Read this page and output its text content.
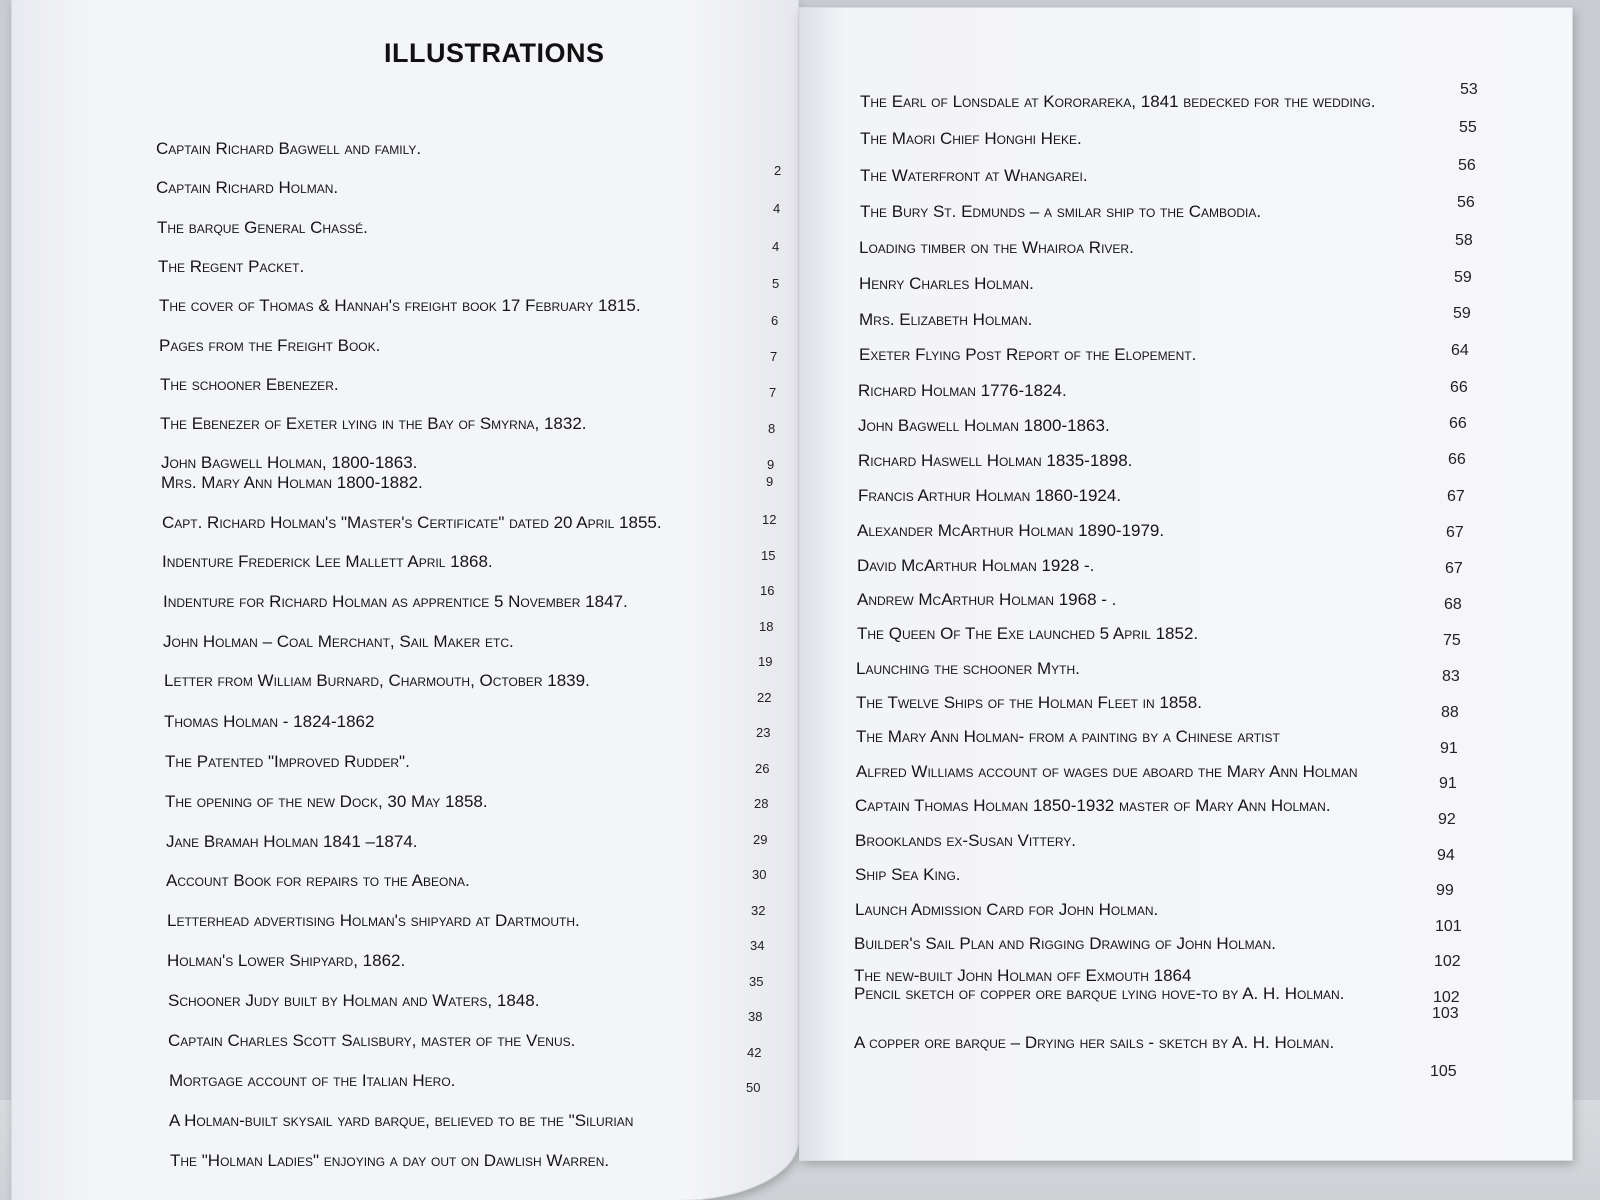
ILLUSTRATIONS

Captain Richard Bagwell and family.

Captain Richard Holman.

The barque General Chassé.

The Regent Packet.

The cover of Thomas & Hannah's freight book 17 February 1815.

Pages from the Freight Book.

The schooner Ebenezer.

The Ebenezer of Exeter lying in the Bay of Smyrna, 1832.

John Bagwell Holman, 1800-1863.

Mrs. Mary Ann Holman 1800-1882.

Capt. Richard Holman's "Master's Certificate" dated 20 April 1855.

Indenture Frederick Lee Mallett April 1868.

Indenture for Richard Holman as apprentice 5 November 1847.

John Holman – Coal Merchant, Sail Maker etc.

Letter from William Burnard, Charmouth, October 1839.

Thomas Holman - 1824-1862

The Patented "Improved Rudder".

The opening of the new Dock, 30 May 1858.

Jane Bramah Holman 1841 –1874.

Account Book for repairs to the Abeona.

Letterhead advertising Holman's shipyard at Dartmouth.

Holman's Lower Shipyard, 1862.

Schooner Judy built by Holman and Waters, 1848.

Captain Charles Scott Salisbury, master of the Venus.

Mortgage account of the Italian Hero.

A Holman-built skysail yard barque, believed to be the "Silurian

The "Holman Ladies" enjoying a day out on Dawlish Warren.

2

4

4

5

6

7

7

8

9

9

12

15

16

18

19

22

23

26

28

29

30

32

34

35

38

42

50

The Earl of Lonsdale at Kororareka, 1841 bedecked for the wedding.

The Maori Chief Honghi Heke.

The Waterfront at Whangarei.

The Bury St. Edmunds – a smilar ship to the Cambodia.

Loading timber on the Whairoa River.

Henry Charles Holman.

Mrs. Elizabeth Holman.

Exeter Flying Post Report of the Elopement.

Richard Holman 1776-1824.

John Bagwell Holman 1800-1863.

Richard Haswell Holman 1835-1898.

Francis Arthur Holman 1860-1924.

Alexander McArthur Holman 1890-1979.

David McArthur Holman 1928 -.

Andrew McArthur Holman 1968 - .

The Queen Of The Exe launched 5 April 1852.

Launching the schooner Myth.

The Twelve Ships of the Holman Fleet in 1858.

The Mary Ann Holman- from a painting by a Chinese artist

Alfred Williams account of wages due aboard the Mary Ann Holman

Captain Thomas Holman 1850-1932 master of Mary Ann Holman.

Brooklands ex-Susan Vittery.

Ship Sea King.

Launch Admission Card for John Holman.

Builder's Sail Plan and Rigging Drawing of John Holman.

The new-built John Holman off Exmouth 1864

Pencil sketch of copper ore barque lying hove-to by A. H. Holman.

A copper ore barque – Drying her sails - sketch by A. H. Holman.

53

55

56

56

58

59

59

64

66

66

66

67

67

67

68

75

83

88

91

91

92

94

99

101

102

102

103

105
